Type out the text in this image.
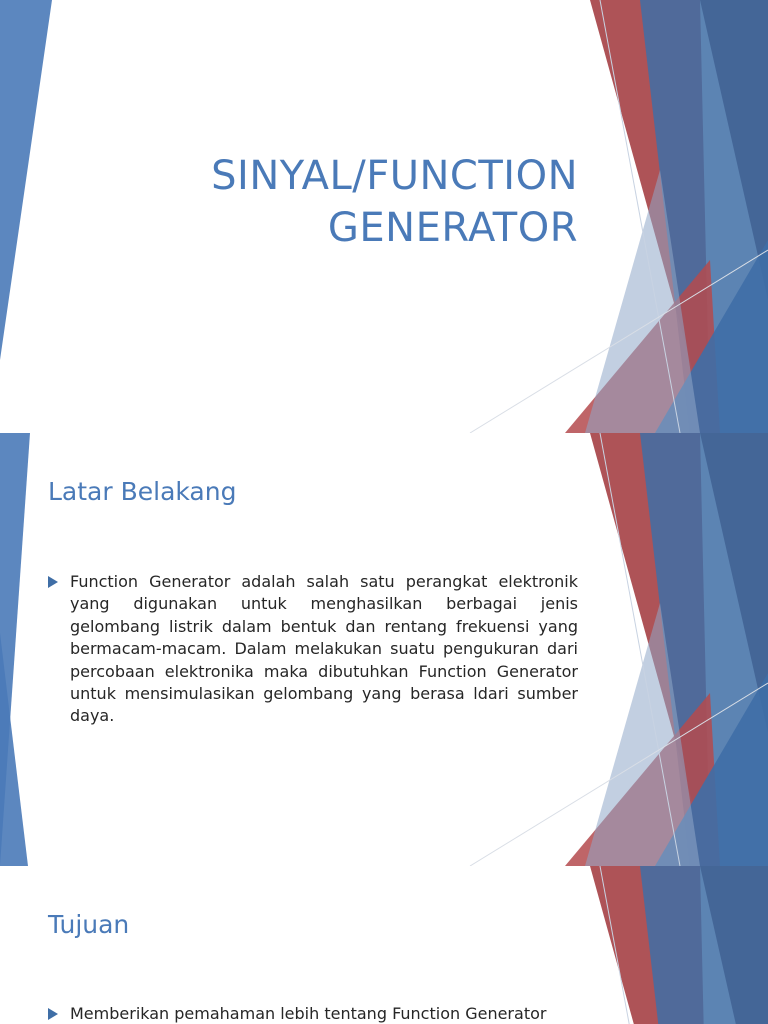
SINYAL/FUNCTION
GENERATOR
Latar Belakang
Function Generator adalah salah satu perangkat elektronik yang digunakan untuk menghasilkan berbagai jenis gelombang listrik dalam bentuk dan rentang frekuensi yang bermacam-macam. Dalam melakukan suatu pengukuran dari percobaan elektronika maka dibutuhkan Function Generator untuk mensimulasikan gelombang yang berasa ldari sumber daya.
Tujuan
Memberikan pemahaman lebih tentang Function Generator
